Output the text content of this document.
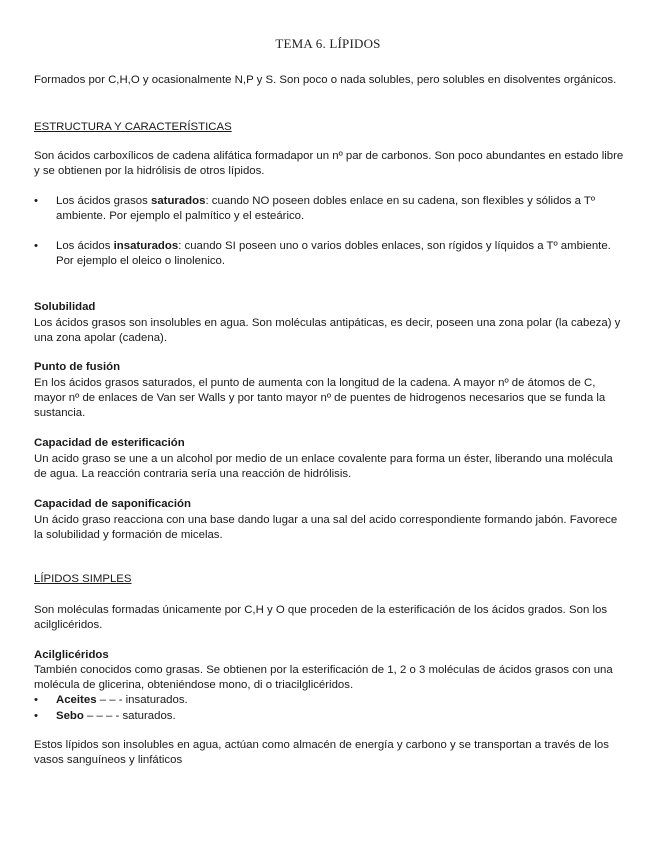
TEMA 6. LÍPIDOS
Formados por C,H,O y ocasionalmente N,P y S. Son poco o nada solubles, pero solubles en disolventes orgánicos.
ESTRUCTURA Y CARACTERÍSTICAS
Son ácidos carboxílicos de cadena alifática formadapor un nº par de carbonos. Son poco abundantes en estado libre y se obtienen por la hidrólisis de otros lípidos.
• Los ácidos grasos saturados: cuando NO poseen dobles enlace en su cadena, son flexibles y sólidos a Tº ambiente. Por ejemplo el palmítico y el esteárico.
• Los ácidos insaturados: cuando SI poseen uno o varios dobles enlaces, son rígidos y líquidos a Tº ambiente. Por ejemplo el oleico o linolenico.
Solubilidad
Los ácidos grasos son insolubles en agua. Son moléculas antipáticas, es decir, poseen una zona polar (la cabeza) y una zona apolar (cadena).
Punto de fusión
En los ácidos grasos saturados, el punto de aumenta con la longitud de la cadena. A mayor nº de átomos de C, mayor nº de enlaces de Van ser Walls y por tanto mayor nº de puentes de hidrogenos necesarios que se funda la sustancia.
Capacidad de esterificación
Un acido graso se une a un alcohol por medio de un enlace covalente para forma un éster, liberando una molécula de agua. La reacción contraria sería una reacción de hidrólisis.
Capacidad de saponificación
Un ácido graso reacciona con una base dando lugar a una sal del acido correspondiente formando jabón. Favorece la solubilidad y formación de micelas.
LÍPIDOS SIMPLES
Son moléculas formadas únicamente por C,H y O que proceden de la esterificación de los ácidos grados. Son los acilglicéridos.
Acilglicéridos
También conocidos como grasas. Se obtienen por la esterificación de 1, 2 o 3 moléculas de ácidos grasos con una molécula de glicerina, obteniéndose mono, di o triacilglicéridos.
• Aceites – – - insaturados.
• Sebo – – – - saturados.
Estos lípidos son insolubles en agua, actúan como almacén de energía y carbono y se transportan a través de los vasos sanguíneos y linfáticos
